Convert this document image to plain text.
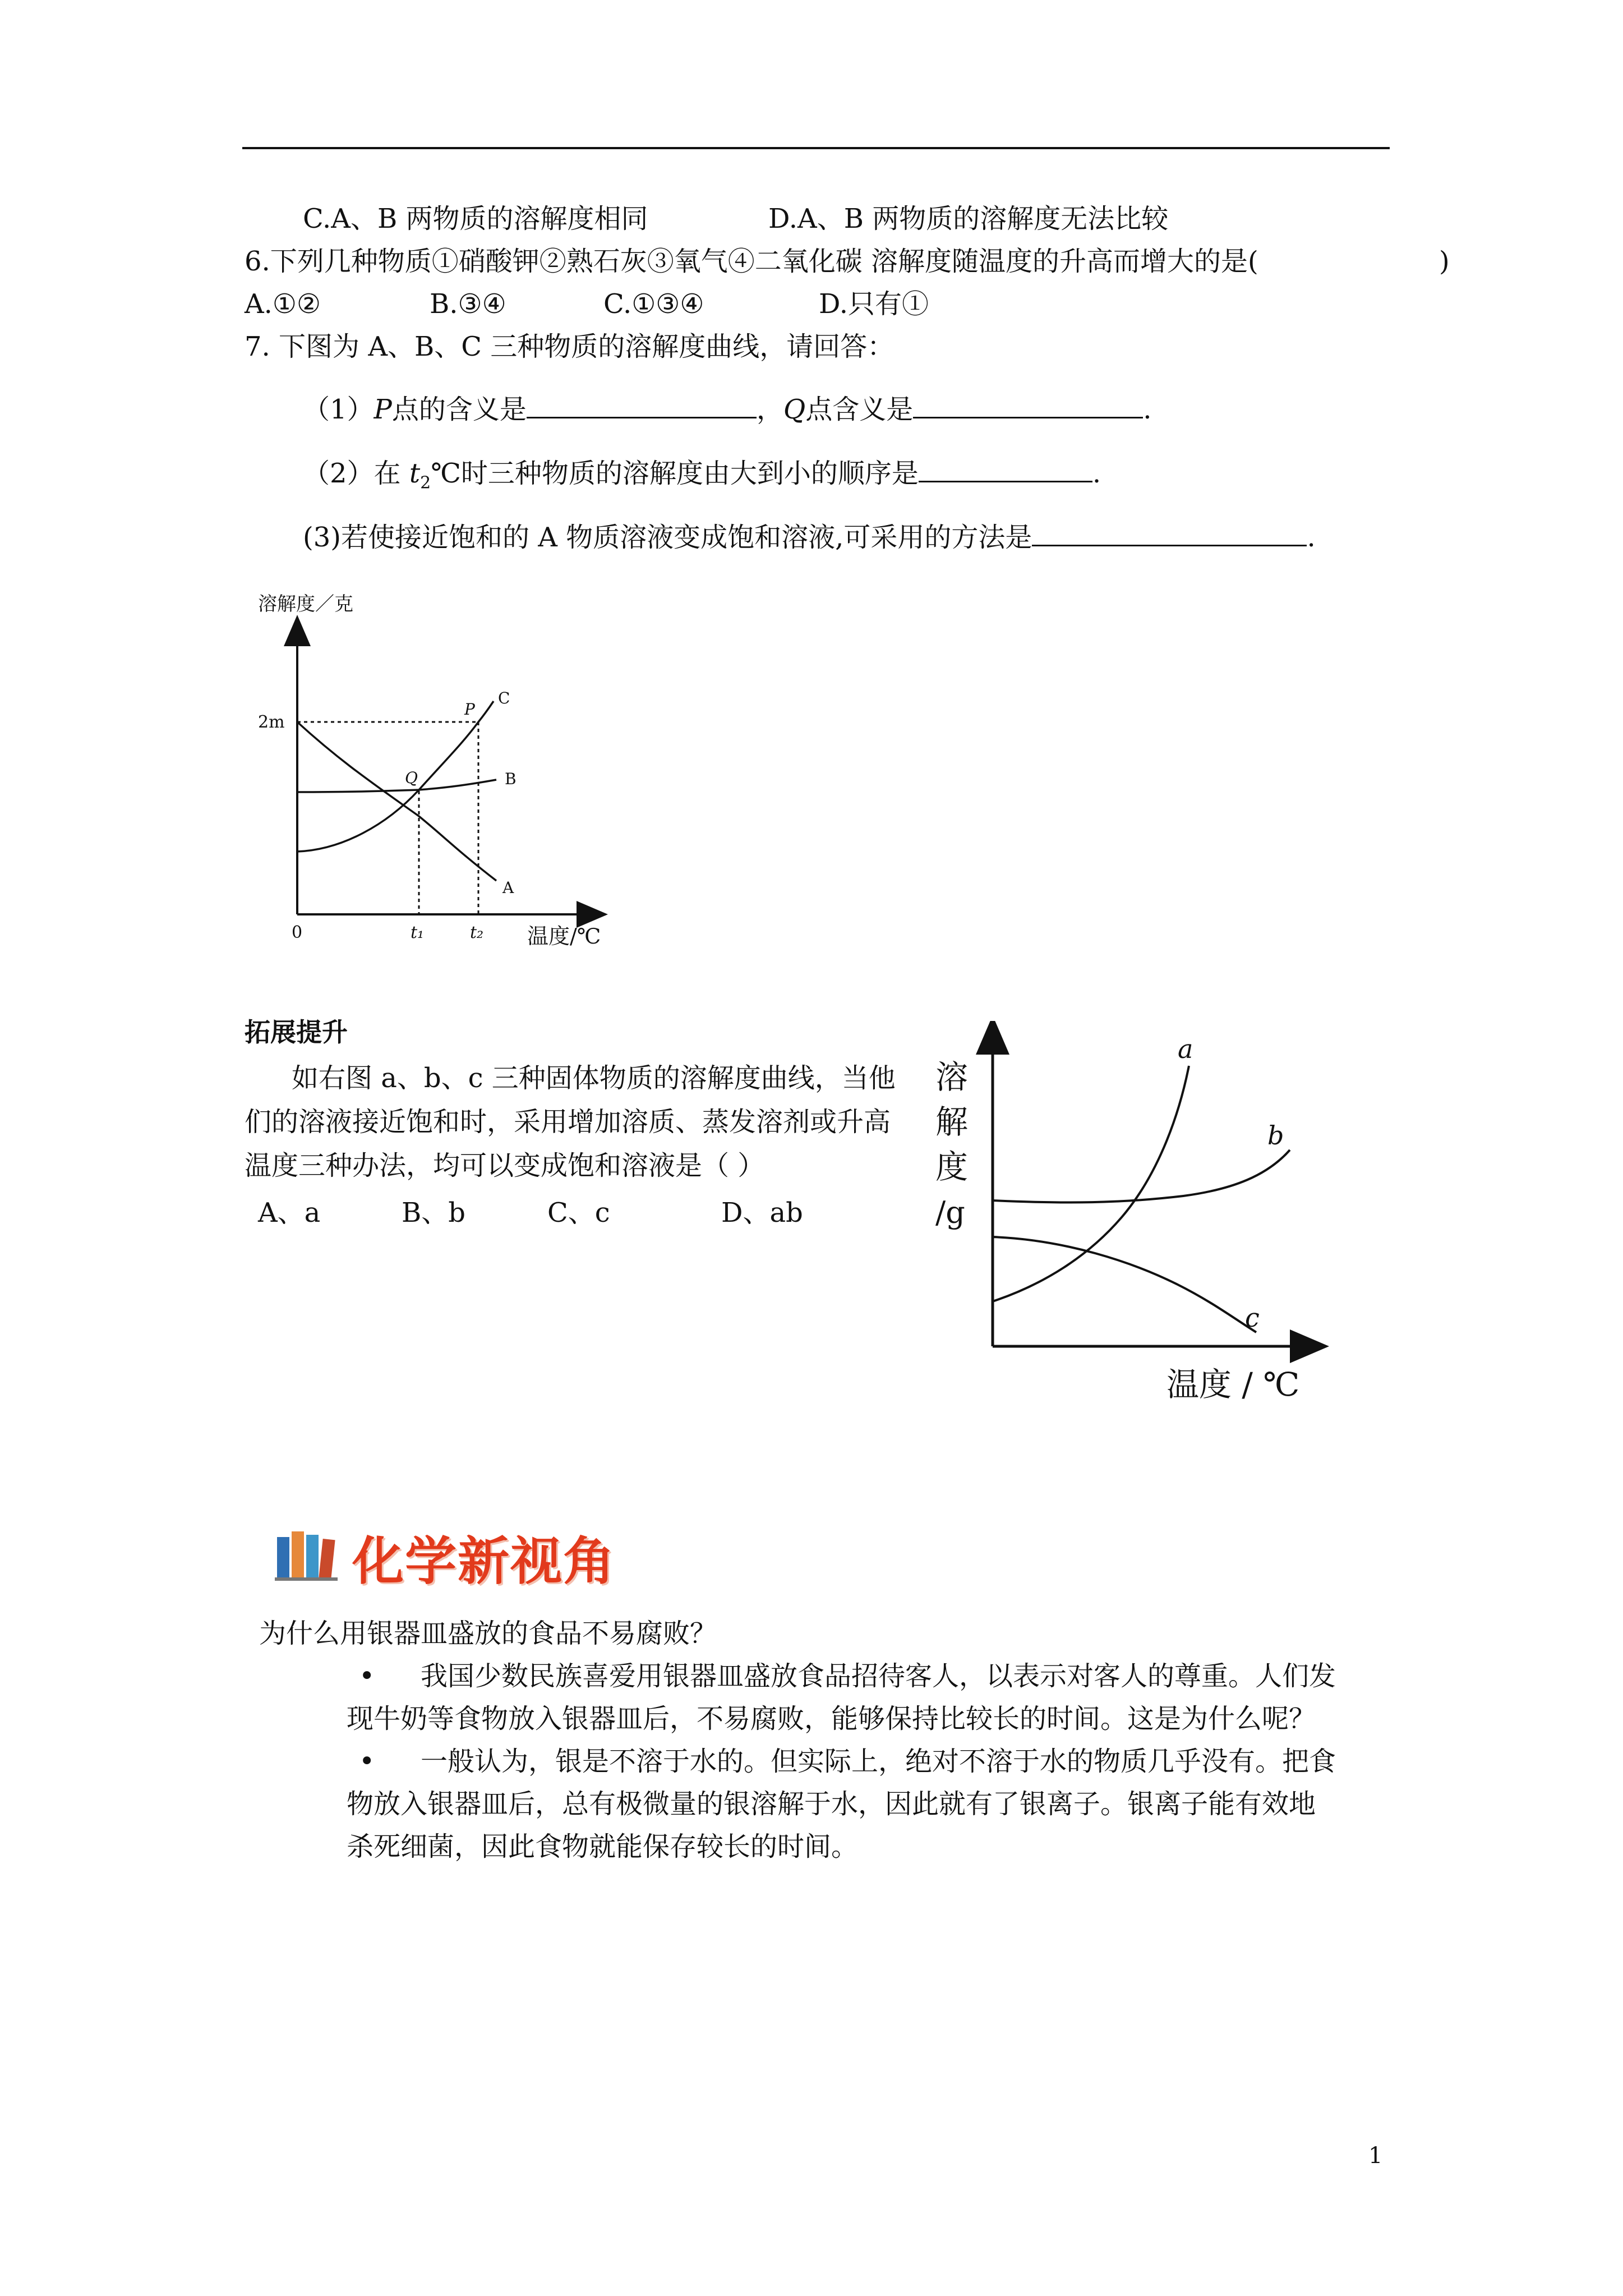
C.A、B 两物质的溶解度相同	D.A、B 两物质的溶解度无法比较
6.下列几种物质①硝酸钾②熟石灰③氧气④二氧化碳 溶解度随温度的升高而增大的是(	)
A.①②	B.③④	C.①③④	D.只有①
7. 下图为 A、B、C 三种物质的溶解度曲线，请回答：
（1）P点的含义是	，Q点含义是	.
（2）在 $t_2℃$时三种物质的溶解度由大到小的顺序是	.
(3)若使接近饱和的 A 物质溶液变成饱和溶液,可采用的方法是	.
溶解度／克
温度/℃
2m
0	t₁	t₂
P
Q
C
B
A
拓展提升
如右图 a、b、c 三种固体物质的溶解度曲线，当他
们的溶液接近饱和时，采用增加溶质、蒸发溶剂或升高
温度三种办法，均可以变成饱和溶液是（ ）
A、a	B、b	C、c	D、ab
溶
解
度
/g
温度 / ℃
a
b
c
化学新视角
为什么用银器皿盛放的食品不易腐败？
• 我国少数民族喜爱用银器皿盛放食品招待客人，以表示对客人的尊重。人们发
现牛奶等食物放入银器皿后，不易腐败，能够保持比较长的时间。这是为什么呢？
• 一般认为，银是不溶于水的。但实际上，绝对不溶于水的物质几乎没有。把食
物放入银器皿后，总有极微量的银溶解于水，因此就有了银离子。银离子能有效地
杀死细菌，因此食物就能保存较长的时间。
1
